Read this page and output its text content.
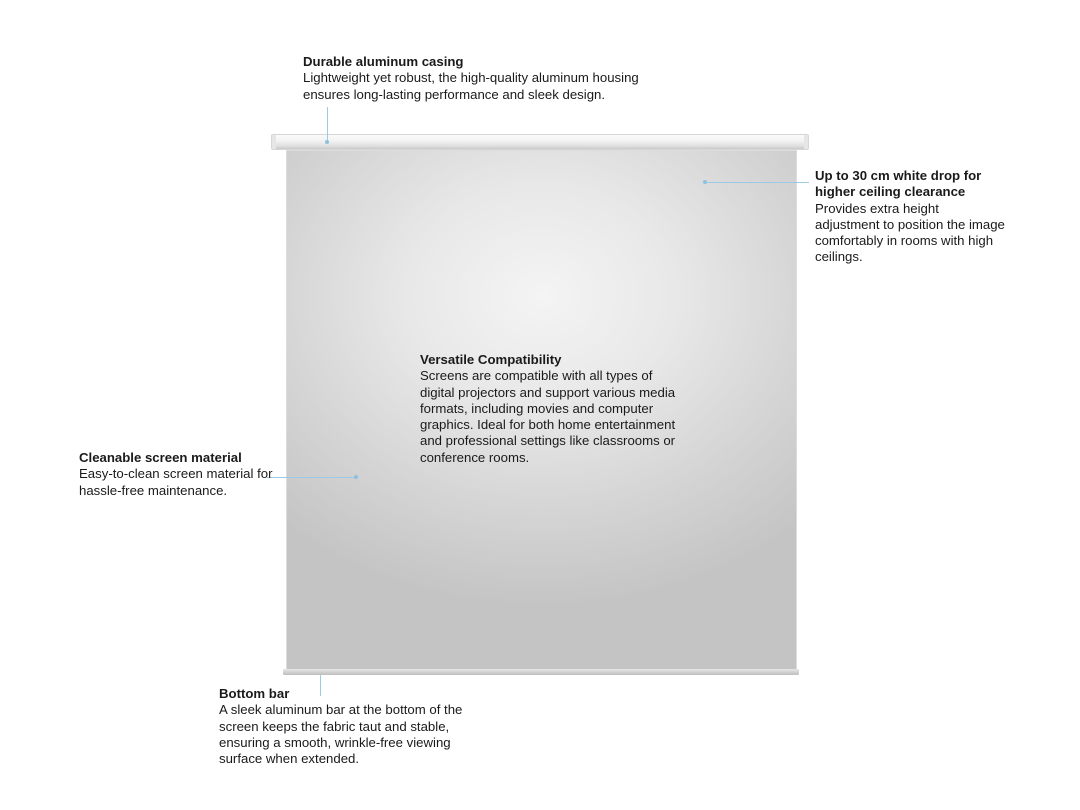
Durable aluminum casing
Lightweight yet robust, the high-quality aluminum housing ensures long-lasting performance and sleek design.
Up to 30 cm white drop for higher ceiling clearance
Provides extra height adjustment to position the image comfortably in rooms with high ceilings.
Versatile Compatibility
Screens are compatible with all types of digital projectors and support various media formats, including movies and computer graphics. Ideal for both home entertainment and professional settings like classrooms or conference rooms.
Cleanable screen material
Easy-to-clean screen material for hassle-free maintenance.
Bottom bar
A sleek aluminum bar at the bottom of the screen keeps the fabric taut and stable, ensuring a smooth, wrinkle-free viewing surface when extended.
